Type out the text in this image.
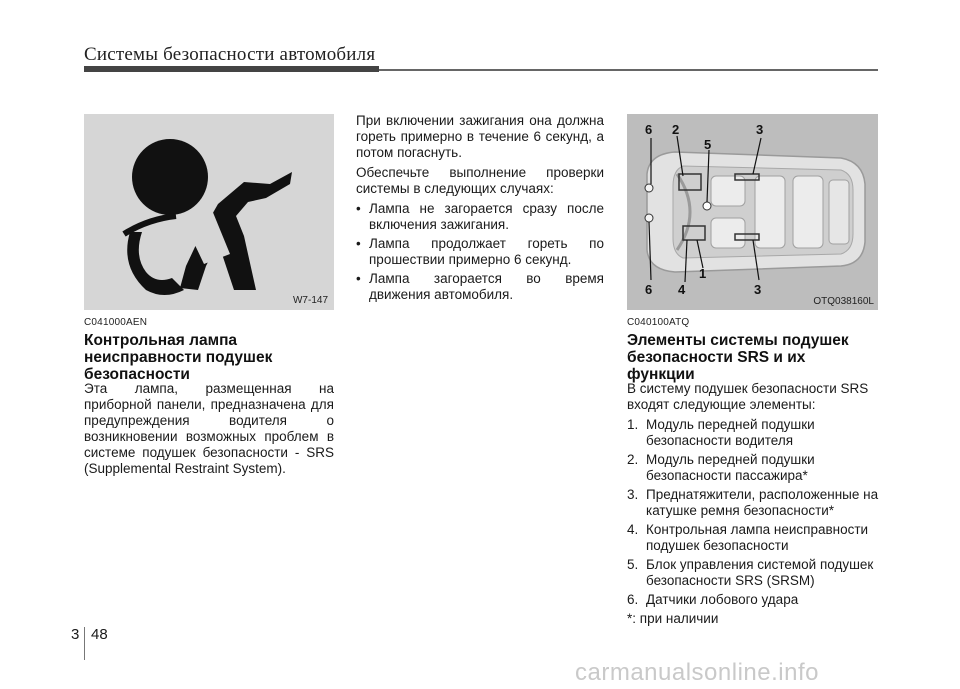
Системы безопасности автомобиля
W7-147
C041000AEN
Контрольная лампа неисправности подушек безопасности

Эта лампа, размещенная на приборной панели, предназначена для предупреждения водителя о возникновении возможных проблем в системе подушек безопасности - SRS (Supplemental Restraint System).

При включении зажигания она должна гореть примерно в течение 6 секунд, а потом погаснуть.

Обеспечьте выполнение проверки системы в следующих случаях:

• Лампа не загорается сразу после включения зажигания.
• Лампа продолжает гореть по прошествии примерно 6 секунд.
• Лампа загорается во время движения автомобиля.
6 2
5
3
1
6 4	3
OTQ038160L
C040100ATQ
Элементы системы подушек безопасности SRS и их функции

В систему подушек безопасности SRS входят следующие элементы:

1. Модуль передней подушки безопасности водителя
2. Модуль передней подушки безопасности пассажира*
3. Преднатяжители, расположенные на катушке ремня безопасности*
4. Контрольная лампа неисправности подушек безопасности
5. Блок управления системой подушек безопасности SRS (SRSM)
6. Датчики лобового удара
*: при наличии
3 48
carmanualsonline.info
